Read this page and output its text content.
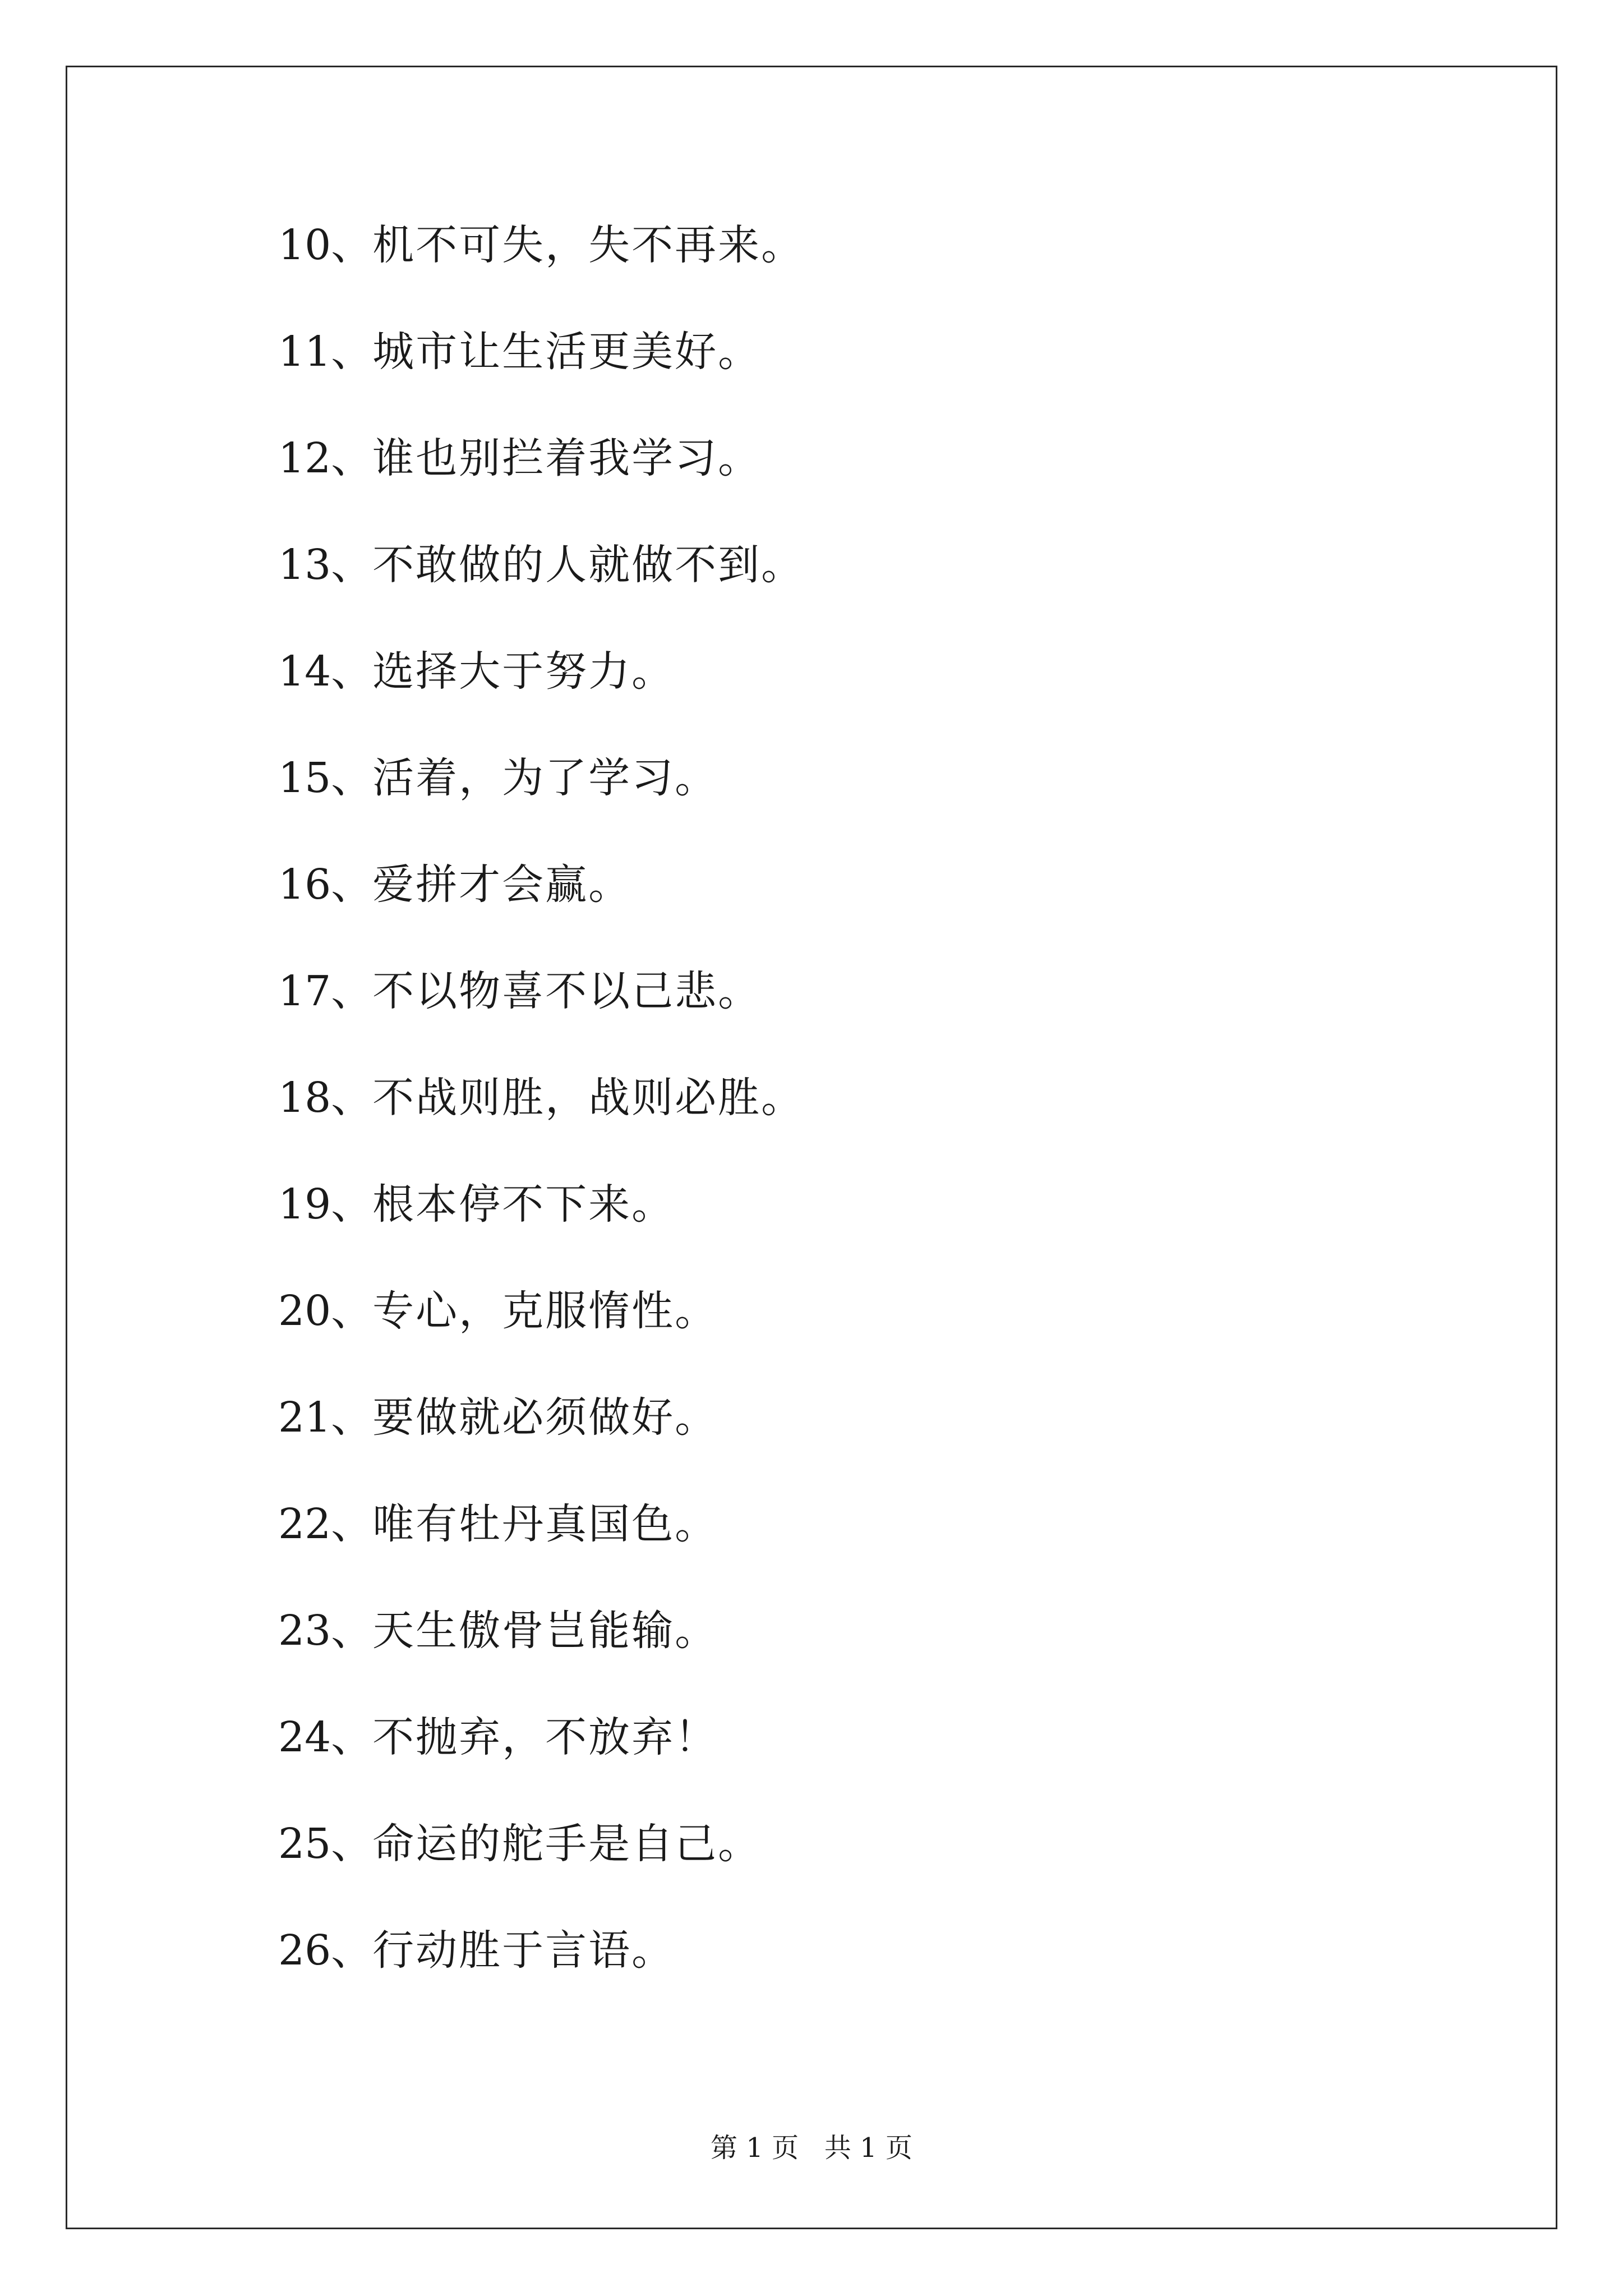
10、机不可失，失不再来。
11、城市让生活更美好。
12、谁也别拦着我学习。
13、不敢做的人就做不到。
14、选择大于努力。
15、活着，为了学习。
16、爱拼才会赢。
17、不以物喜不以己悲。
18、不战则胜，战则必胜。
19、根本停不下来。
20、专心，克服惰性。
21、要做就必须做好。
22、唯有牡丹真国色。
23、天生傲骨岂能输。
24、不抛弃，不放弃！
25、命运的舵手是自己。
26、行动胜于言语。
第 1 页 共 1 页
